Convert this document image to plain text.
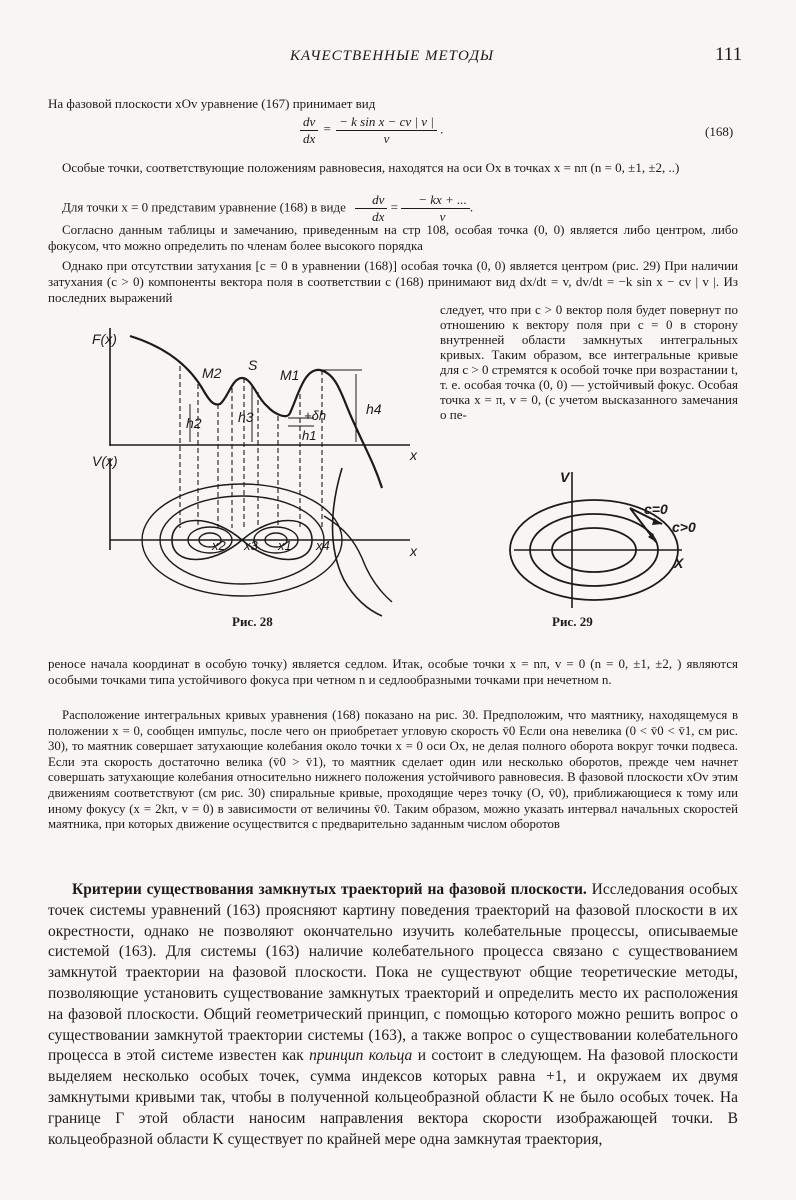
КАЧЕСТВЕННЫЕ МЕТОДЫ	111
На фазовой плоскости xOv уравнение (167) принимает вид
$\frac{dv}{dx} = \frac{\text{− k sin x − cv | v |}}{v}$ .	(168)
Особые точки, соответствующие положениям равновесия, находятся на оси Ox в точках x = nπ (n = 0, ±1, ±2, ..)
Для точки x = 0 представим уравнение (168) в виде $\frac{dv}{dx} = \frac{- kx + ...}{v}$ .
Согласно данным таблицы и замечанию, приведенным на стр 108, особая точка (0, 0) является либо центром, либо фокусом, что можно определить по членам более высокого порядка
Однако при отсутствии затухания [c = 0 в уравнении (168)] особая точка (0, 0) является центром (рис. 29) При наличии затухания (c > 0) компоненты вектора поля в соответствии с (168) принимают вид dx/dt = v, dv/dt = −k sin x − cv | v |. Из последних выражений
следует, что при c > 0 вектор поля будет повернут по отношению к вектору поля при c = 0 в сторону внутренней области замкнутых интегральных кривых. Таким образом, все интегральные кривые для c > 0 стремятся к особой точке при возрастании t, т. е. особая точка (0, 0) — устойчивый фокус. Особая точка x = π, v = 0, (с учетом высказанного замечания о пе-
F(x)
V(x)	x
x
M2 S
M1
h2	h3	h4
+δh
h1
x2 x3 x1 x4
Рис. 28
V
X
c=0
c>0
Рис. 29
реносе начала координат в особую точку) является седлом. Итак, особые точки x = nπ, v = 0 (n = 0, ±1, ±2, ) являются особыми точками типа устойчивого фокуса при четном n и седлообразными точками при нечетном n.
Расположение интегральных кривых уравнения (168) показано на рис. 30. Предположим, что маятнику, находящемуся в положении x = 0, сообщен импульс, после чего он приобретает угловую скорость v̄0 Если она невелика (0 < v̄0 < v̄1, см рис. 30), то маятник совершает затухающие колебания около точки x = 0 оси Ox, не делая полного оборота вокруг точки подвеса. Если эта скорость достаточно велика (v̄0 > v̄1), то маятник сделает один или несколько оборотов, прежде чем начнет совершать затухающие колебания относительно нижнего положения устойчивого равновесия. В фазовой плоскости xOv этим движениям соответствуют (см рис. 30) спиральные кривые, проходящие через точку (O, v̄0), приближающиеся к тому или иному фокусу (x = 2kπ, v = 0) в зависимости от величины v̄0. Таким образом, можно указать интервал начальных скоростей маятника, при которых движение осуществится с предварительно заданным числом оборотов
Критерии существования замкнутых траекторий на фазовой плоскости. Исследования особых точек системы уравнений (163) проясняют картину поведения траекторий на фазовой плоскости в их окрестности, однако не позволяют окончательно изучить колебательные процессы, описываемые системой (163). Для системы (163) наличие колебательного процесса связано с существованием замкнутой траектории на фазовой плоскости. Пока не существуют общие теоретические методы, позволяющие установить существование замкнутых траекторий и определить место их расположения на фазовой плоскости. Общий геометрический принцип, с помощью которого можно решить вопрос о существовании замкнутой траектории системы (163), а также вопрос о существовании колебательного процесса в этой системе известен как принцип кольца и состоит в следующем. На фазовой плоскости выделяем несколько особых точек, сумма индексов которых равна +1, и окружаем их двумя замкнутыми кривыми так, чтобы в полученной кольцеобразной области K не было особых точек. На границе Γ этой области наносим направления вектора скорости изображающей точки. В кольцеобразной области K существует по крайней мере одна замкнутая траектория,
